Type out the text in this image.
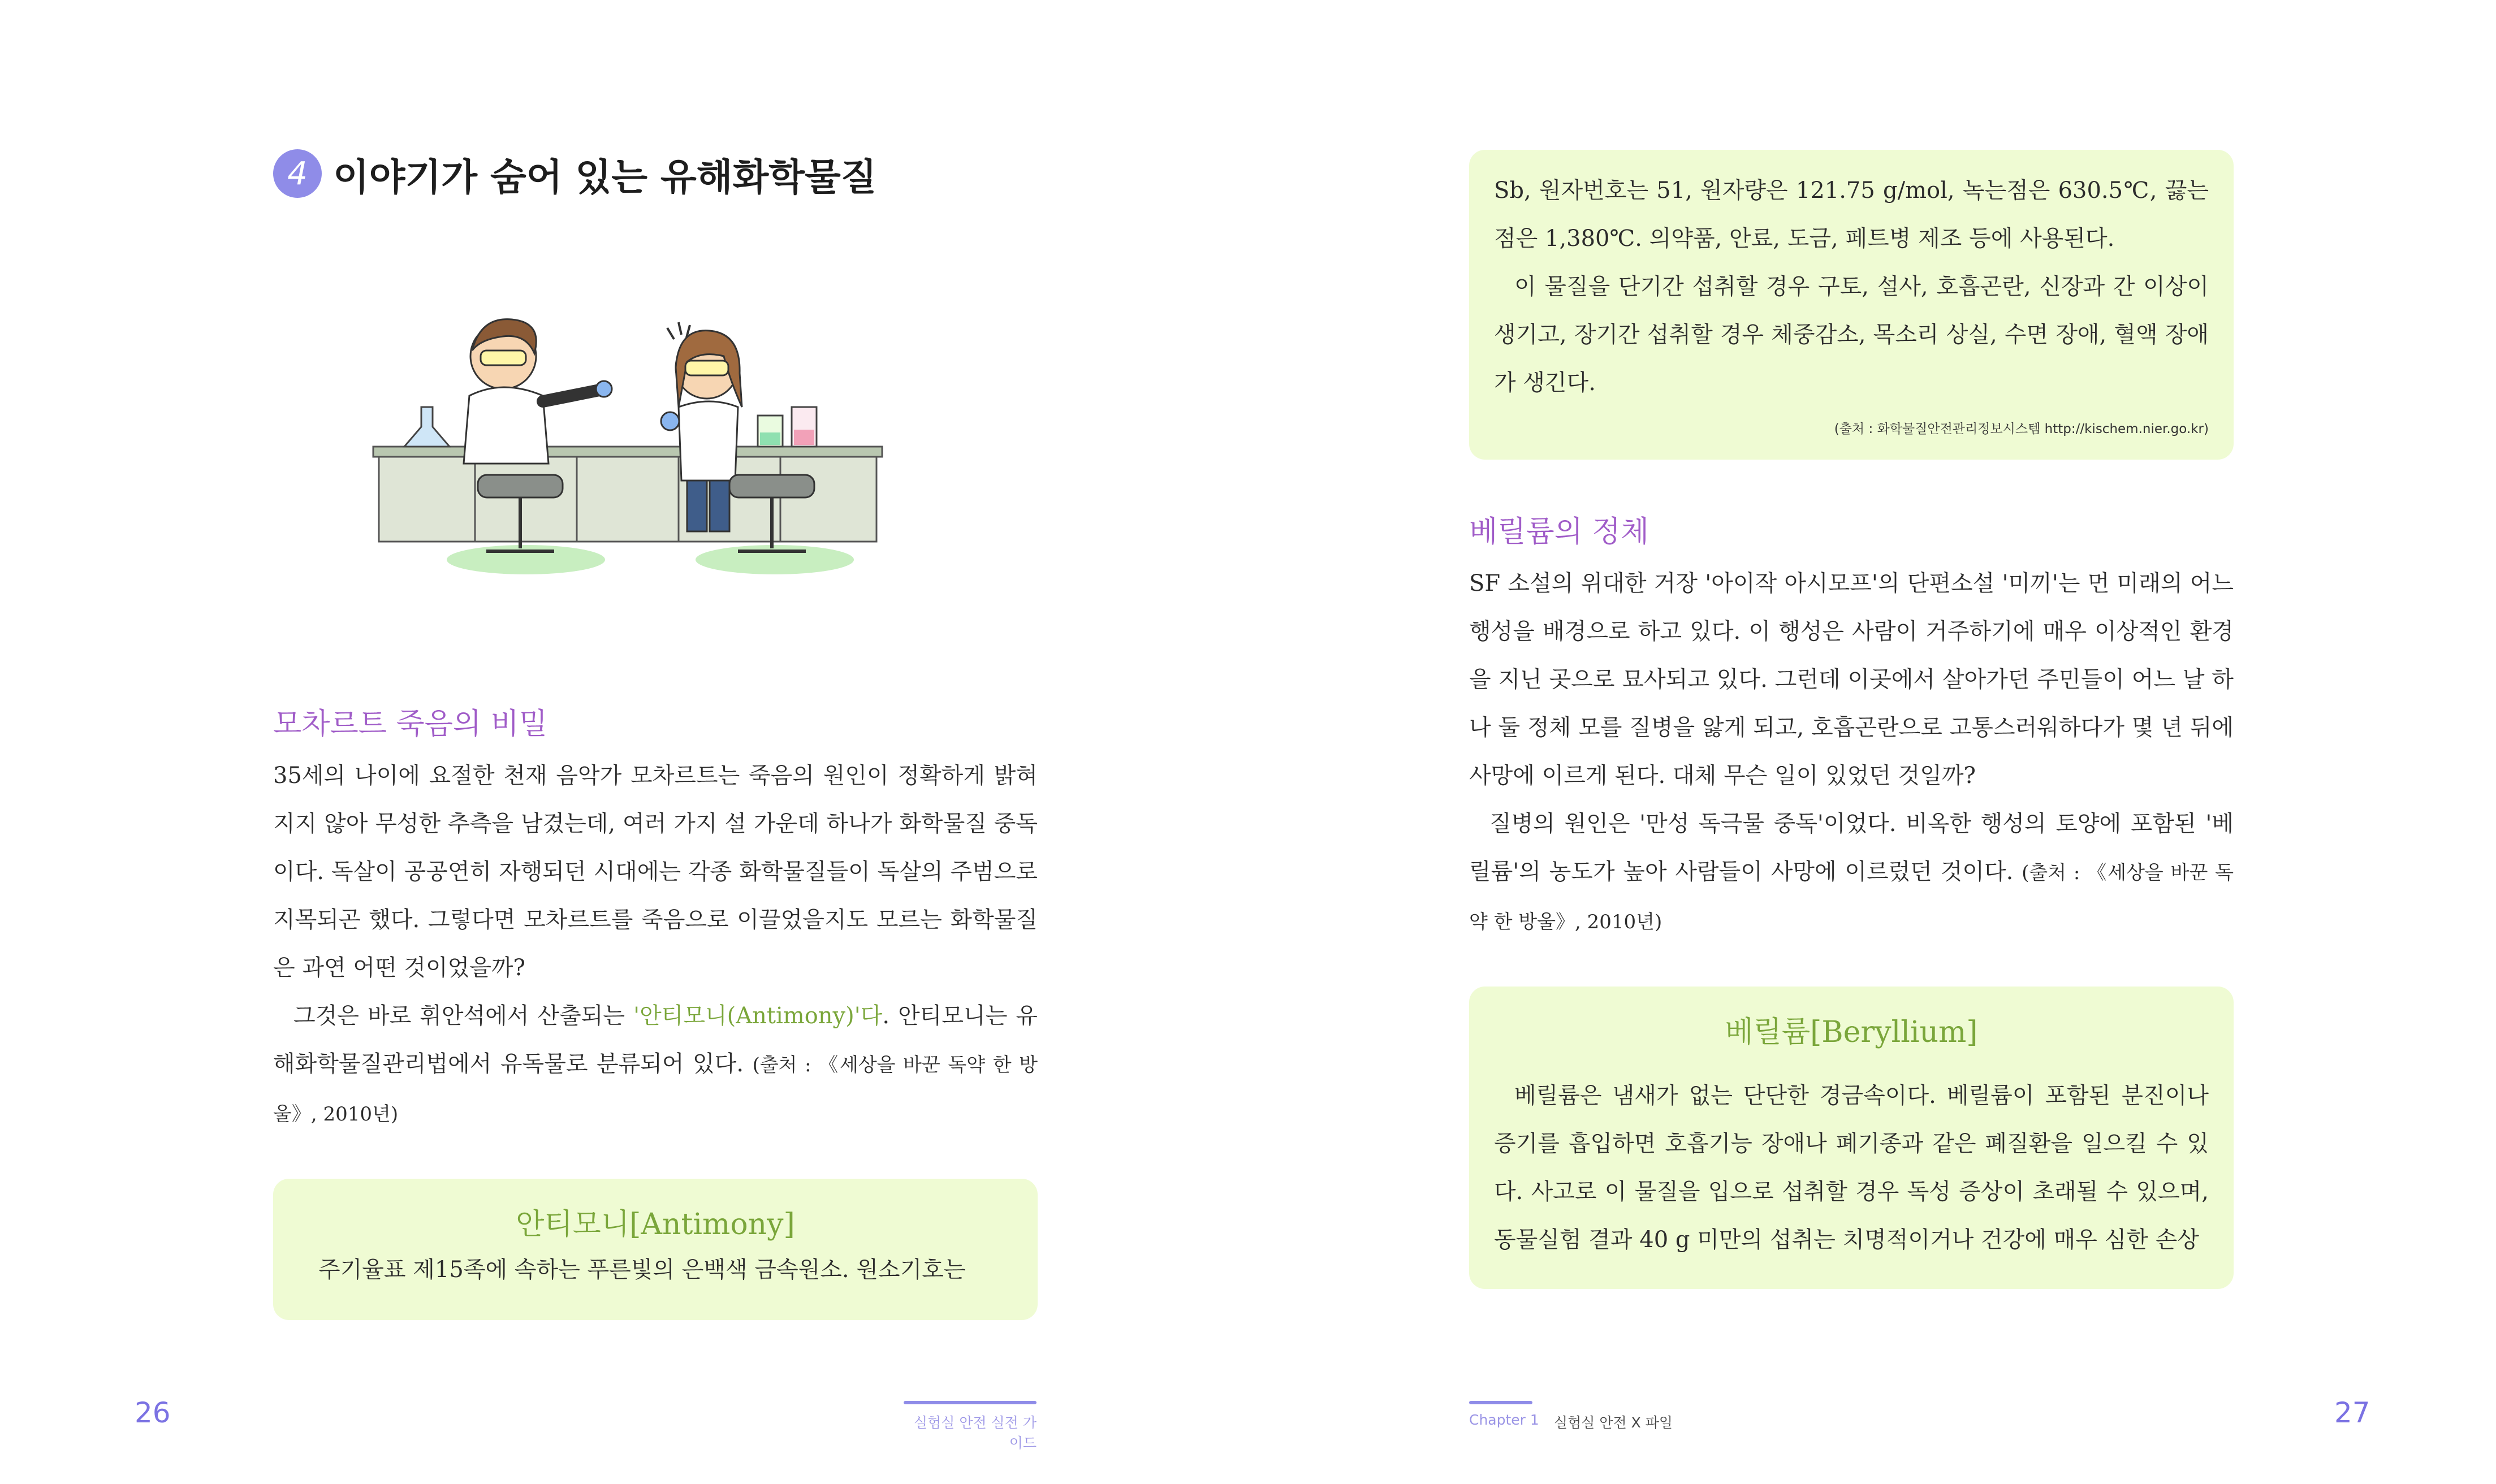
4 이야기가 숨어 있는 유해화학물질
모차르트 죽음의 비밀

35세의 나이에 요절한 천재 음악가 모차르트는 죽음의 원인이 정확하게 밝혀지지 않아 무성한 추측을 남겼는데, 여러 가지 설 가운데 하나가 화학물질 중독이다. 독살이 공공연히 자행되던 시대에는 각종 화학물질들이 독살의 주범으로 지목되곤 했다. 그렇다면 모차르트를 죽음으로 이끌었을지도 모르는 화학물질은 과연 어떤 것이었을까?

그것은 바로 휘안석에서 산출되는 '안티모니(Antimony)'다. 안티모니는 유해화학물질관리법에서 유독물로 분류되어 있다. (출처 : 《세상을 바꾼 독약 한 방울》, 2010년)

안티모니[Antimony]
주기율표 제15족에 속하는 푸른빛의 은백색 금속원소. 원소기호는
26	실험실 안전 실전 가이드
Sb, 원자번호는 51, 원자량은 121.75 g/mol, 녹는점은 630.5℃, 끓는점은 1,380℃. 의약품, 안료, 도금, 페트병 제조 등에 사용된다.
이 물질을 단기간 섭취할 경우 구토, 설사, 호흡곤란, 신장과 간 이상이 생기고, 장기간 섭취할 경우 체중감소, 목소리 상실, 수면 장애, 혈액 장애가 생긴다.
(출처 : 화학물질안전관리정보시스템 http://kischem.nier.go.kr)
베릴륨의 정체

SF 소설의 위대한 거장 '아이작 아시모프'의 단편소설 '미끼'는 먼 미래의 어느 행성을 배경으로 하고 있다. 이 행성은 사람이 거주하기에 매우 이상적인 환경을 지닌 곳으로 묘사되고 있다. 그런데 이곳에서 살아가던 주민들이 어느 날 하나 둘 정체 모를 질병을 앓게 되고, 호흡곤란으로 고통스러워하다가 몇 년 뒤에 사망에 이르게 된다. 대체 무슨 일이 있었던 것일까?

질병의 원인은 '만성 독극물 중독'이었다. 비옥한 행성의 토양에 포함된 '베릴륨'의 농도가 높아 사람들이 사망에 이르렀던 것이다. (출처 : 《세상을 바꾼 독약 한 방울》, 2010년)

베릴륨[Beryllium]
베릴륨은 냄새가 없는 단단한 경금속이다. 베릴륨이 포함된 분진이나 증기를 흡입하면 호흡기능 장애나 폐기종과 같은 폐질환을 일으킬 수 있다. 사고로 이 물질을 입으로 섭취할 경우 독성 증상이 초래될 수 있으며, 동물실험 결과 40 g 미만의 섭취는 치명적이거나 건강에 매우 심한 손상
Chapter 1 실험실 안전 X 파일	27
